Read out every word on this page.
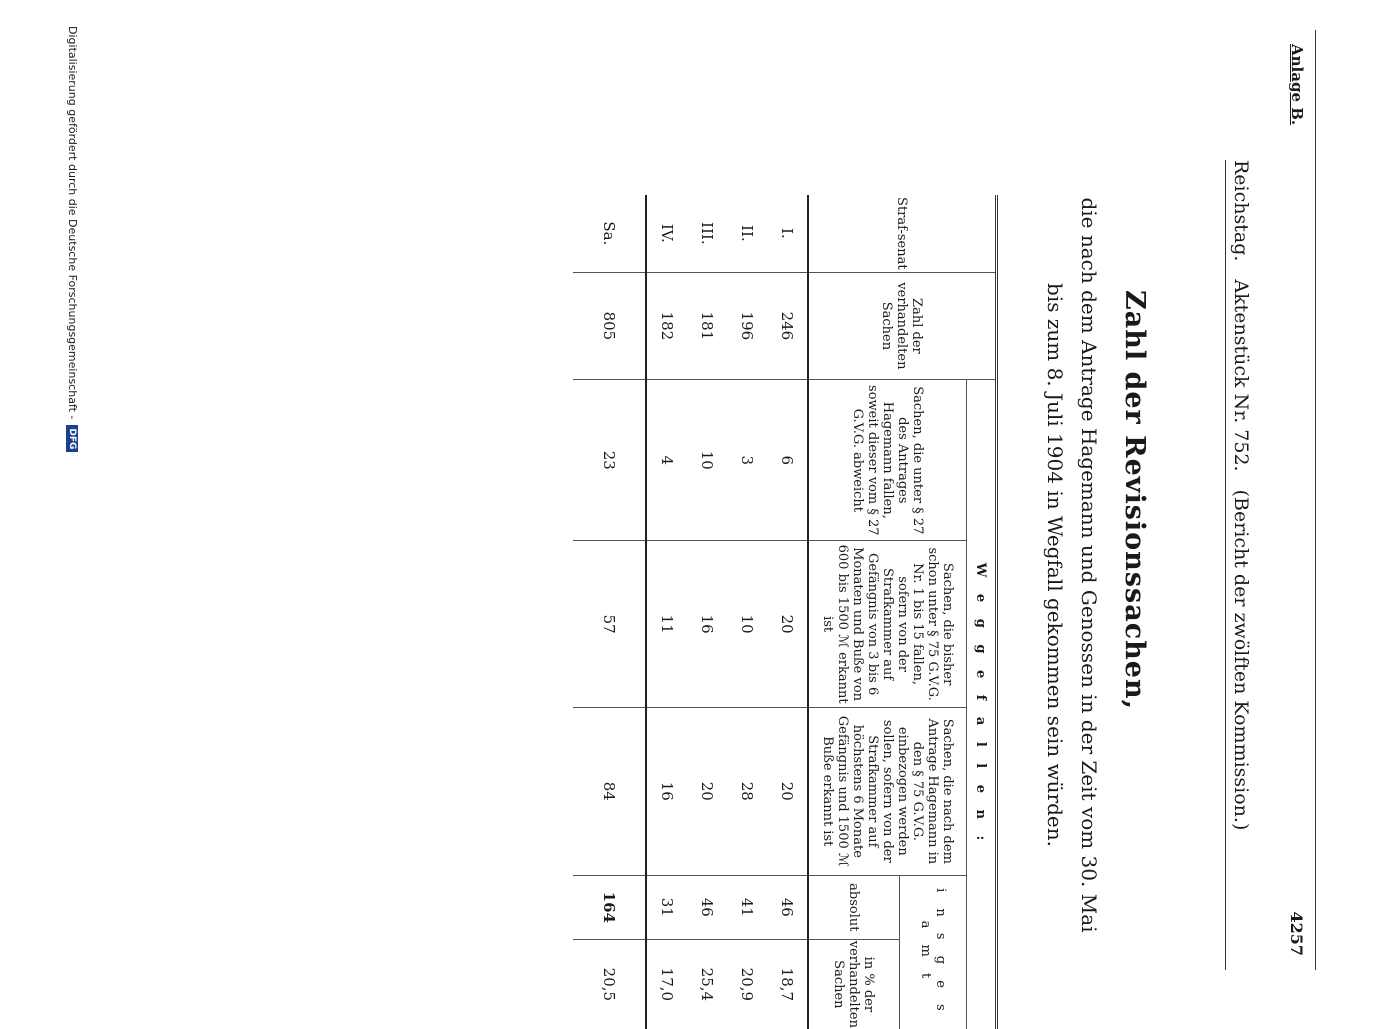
Anlage B.
4257
Reichstag.
Aktenstück Nr. 752.
(Bericht der zwölften Kommission.)
Zahl der Revisionssachen,
die nach dem Antrage Hagemann und Genossen in der Zeit vom 30. Mai bis zum 8. Juli 1904 in Wegfall gekommen sein würden.
Straf-senat	Zahl der verhandelten Sachen	W e g g e f a l l e n :				
		Sachen, die unter § 27 des Antrages Hagemann fallen, soweit dieser vom § 27 G.V.G. abweicht	Sachen, die bisher schon unter § 75 G.V.G. Nr. 1 bis 15 fallen, sofern von der Strafkammer auf Gefängnis von 3 bis 6 Monaten und Buße von 600 bis 1500 ℳ erkannt ist	Sachen, die nach dem Antrage Hagemann in den § 75 G.V.G. einbezogen werden sollen, sofern von der Strafkammer auf höchstens 6 Monate Gefängnis und 1500 ℳ Buße erkannt ist	i n s g e s a m t	
					absolut	in % der verhandelten Sachen
I.	246	6	20	20	46	18,7
II.	196	3	10	28	41	20,9
III.	181	10	16	20	46	25,4
IV.	182	4	11	16	31	17,0
Sa.	805	23	57	84	164	20,5
Digitalisierung gefördert durch die Deutsche Forschungsgemeinschaft -
DFG
